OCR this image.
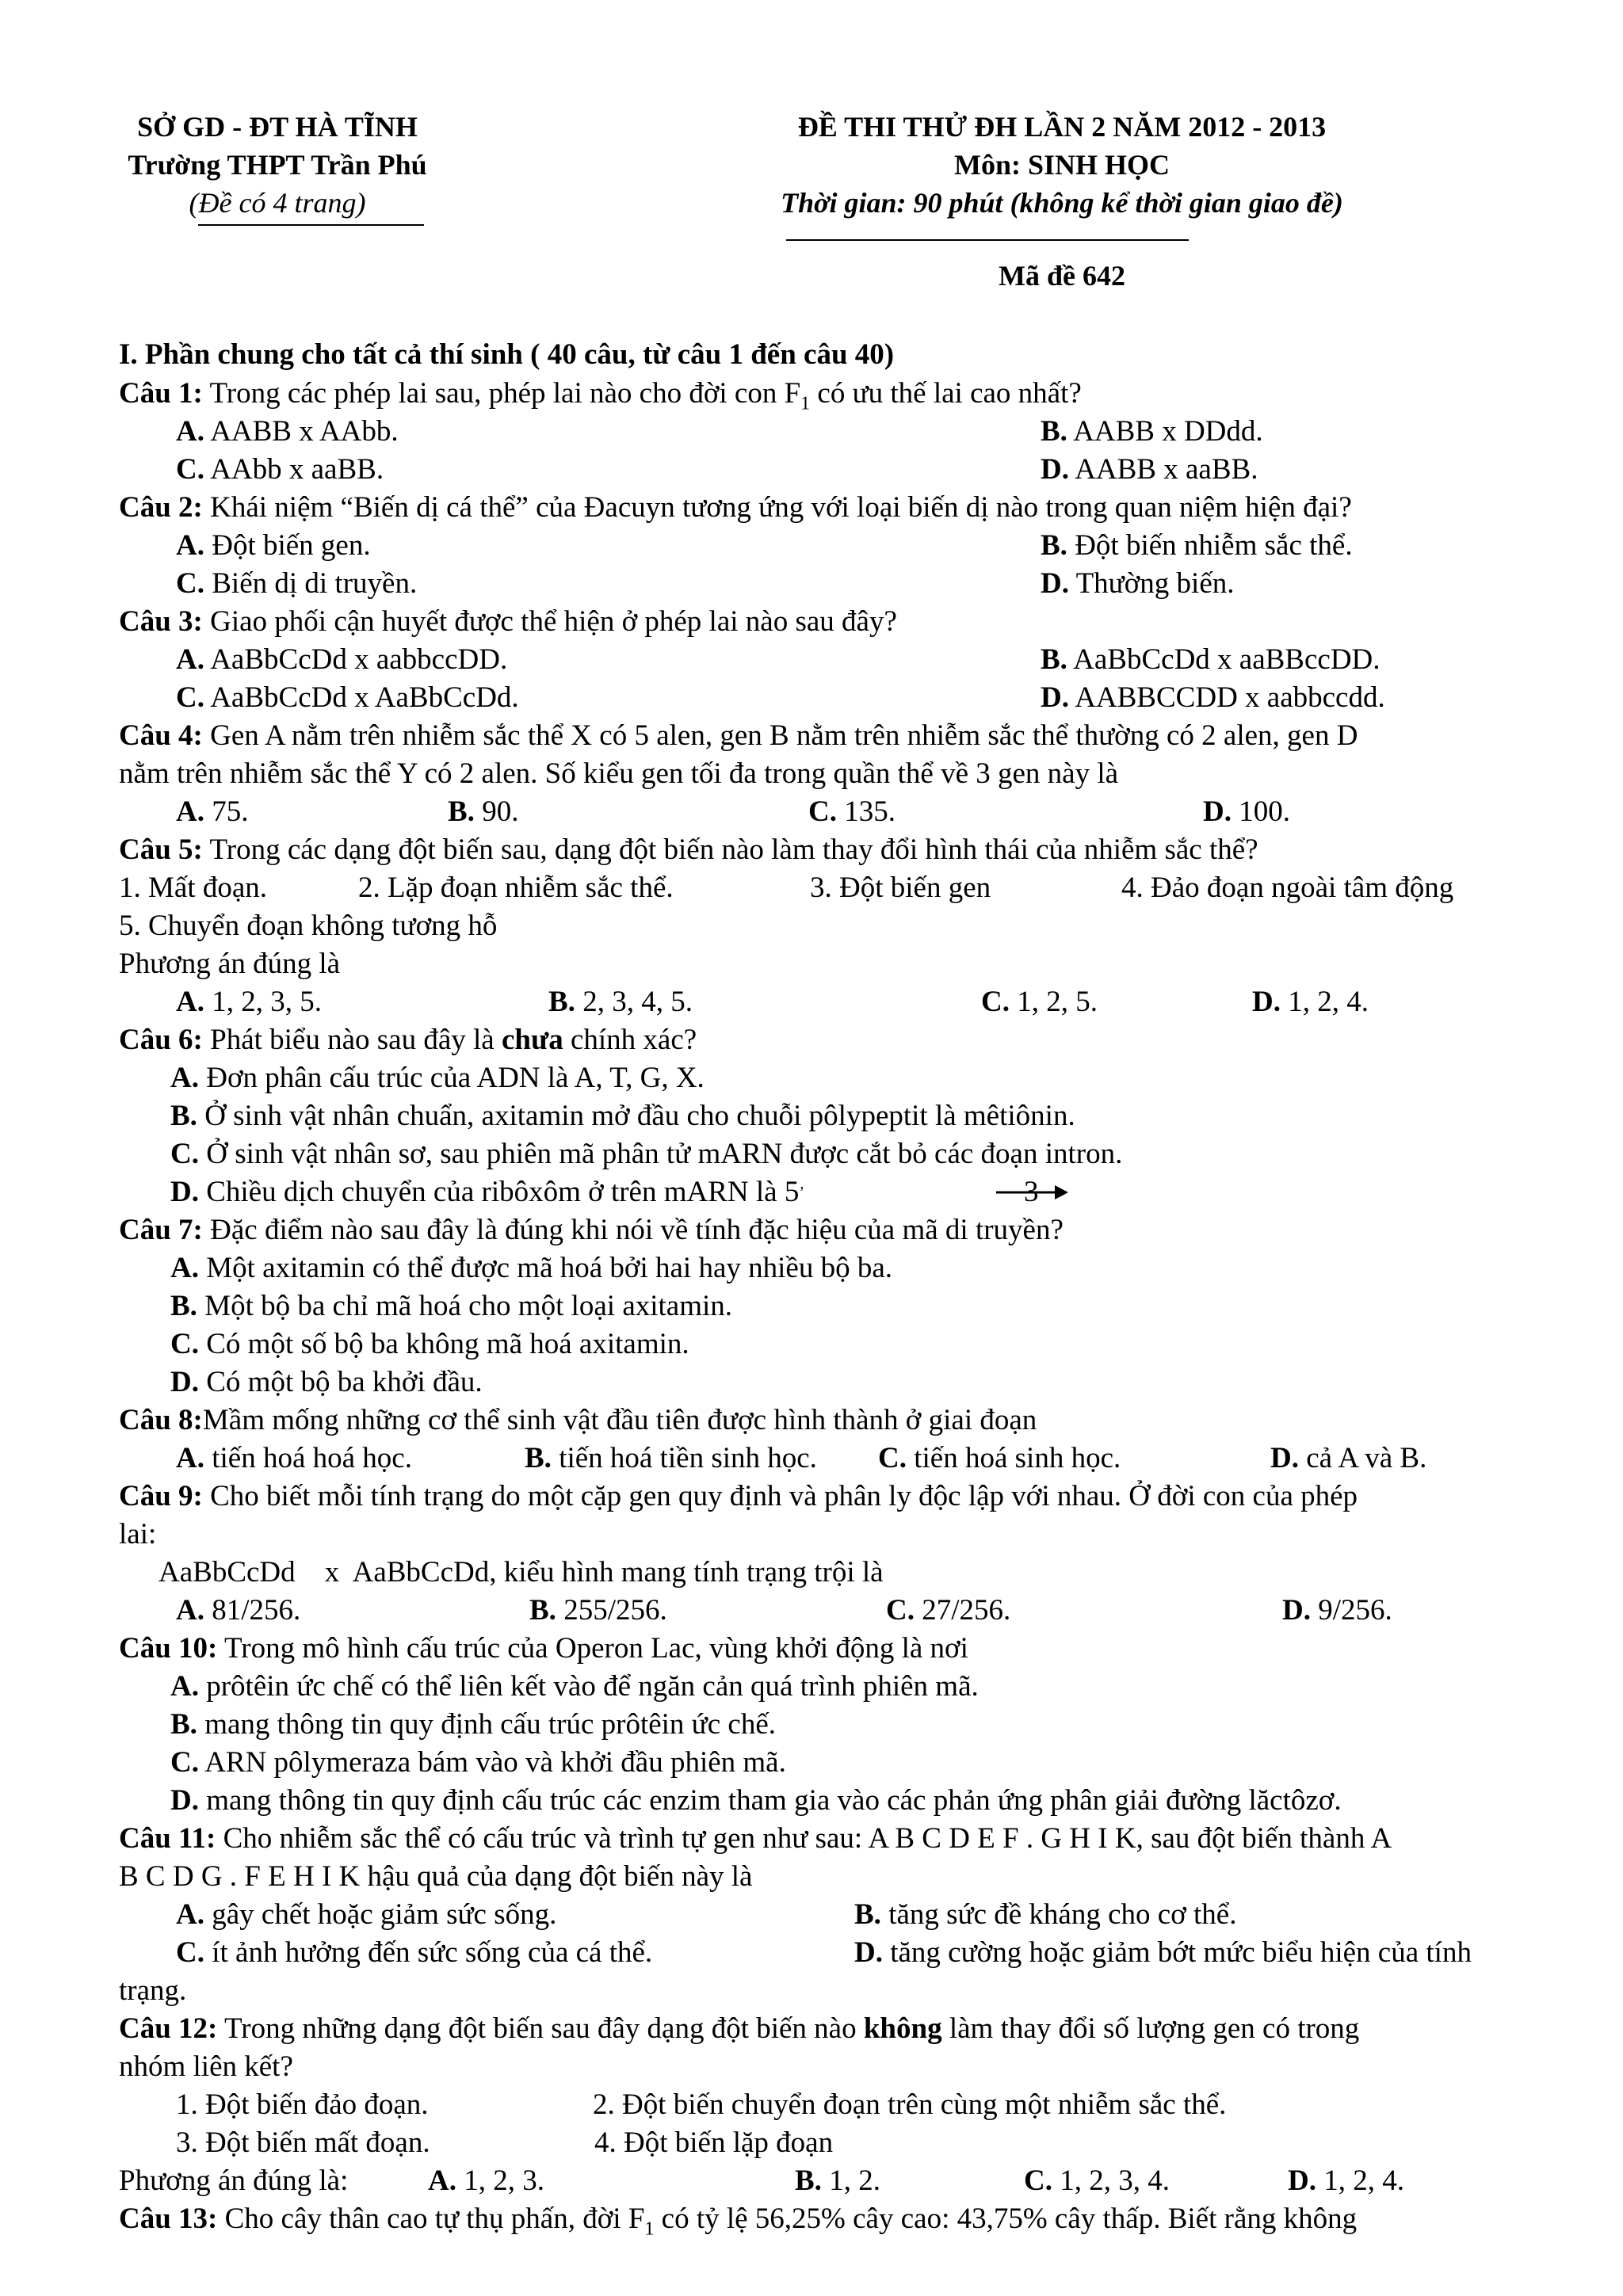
SỞ GD - ĐT HÀ TĨNH
Trường THPT Trần Phú
(Đề có 4 trang)
ĐỀ THI THỬ ĐH LẦN 2 NĂM 2012 - 2013
Môn: SINH HỌC
Thời gian: 90 phút (không kể thời gian giao đề)
Mã đề 642
I. Phần chung cho tất cả thí sinh ( 40 câu, từ câu 1 đến câu 40)
Câu 1: Trong các phép lai sau, phép lai nào cho đời con $F_1$ có ưu thế lai cao nhất?
A. AABB x AAbb.	B. AABB x DDdd.
C. AAbb x aaBB.	D. AABB x aaBB.
Câu 2: Khái niệm “Biến dị cá thể” của Đacuyn tương ứng với loại biến dị nào trong quan niệm hiện đại?
A. Đột biến gen.	B. Đột biến nhiễm sắc thể.
C. Biến dị di truyền.	D. Thường biến.
Câu 3: Giao phối cận huyết được thể hiện ở phép lai nào sau đây?
A. AaBbCcDd x aabbccDD.	B. AaBbCcDd x aaBBccDD.
C. AaBbCcDd x AaBbCcDd.	D. AABBCCDD x aabbccdd.
Câu 4: Gen A nằm trên nhiễm sắc thể X có 5 alen, gen B nằm trên nhiễm sắc thể thường có 2 alen, gen D
nằm trên nhiễm sắc thể Y có 2 alen. Số kiểu gen tối đa trong quần thể về 3 gen này là
A. 75.	B. 90.	C. 135.	D. 100.
Câu 5: Trong các dạng đột biến sau, dạng đột biến nào làm thay đổi hình thái của nhiễm sắc thể?
1. Mất đoạn.	2. Lặp đoạn nhiễm sắc thể.	3. Đột biến gen	4. Đảo đoạn ngoài tâm động
5. Chuyển đoạn không tương hỗ
Phương án đúng là
A. 1, 2, 3, 5.	B. 2, 3, 4, 5.	C. 1, 2, 5.	D. 1, 2, 4.
Câu 6: Phát biểu nào sau đây là chưa chính xác?
A. Đơn phân cấu trúc của ADN là A, T, G, X.
B. Ở sinh vật nhân chuẩn, axitamin mở đầu cho chuỗi pôlypeptit là mêtiônin.
C. Ở sinh vật nhân sơ, sau phiên mã phân tử mARN được cắt bỏ các đoạn intron.
D. Chiều dịch chuyển của ribôxôm ở trên mARN là 5’	3
Câu 7: Đặc điểm nào sau đây là đúng khi nói về tính đặc hiệu của mã di truyền?
A. Một axitamin có thể được mã hoá bởi hai hay nhiều bộ ba.
B. Một bộ ba chỉ mã hoá cho một loại axitamin.
C. Có một số bộ ba không mã hoá axitamin.
D. Có một bộ ba khởi đầu.
Câu 8:Mầm mống những cơ thể sinh vật đầu tiên được hình thành ở giai đoạn
A. tiến hoá hoá học.	B. tiến hoá tiền sinh học. C. tiến hoá sinh học.	D. cả A và B.
Câu 9: Cho biết mỗi tính trạng do một cặp gen quy định và phân ly độc lập với nhau. Ở đời con của phép
lai:
AaBbCcDd    x  AaBbCcDd, kiểu hình mang tính trạng trội là
A. 81/256.	B. 255/256.	C. 27/256.	D. 9/256.
Câu 10: Trong mô hình cấu trúc của Operon Lac, vùng khởi động là nơi
A. prôtêin ức chế có thể liên kết vào để ngăn cản quá trình phiên mã.
B. mang thông tin quy định cấu trúc prôtêin ức chế.
C. ARN pôlymeraza bám vào và khởi đầu phiên mã.
D. mang thông tin quy định cấu trúc các enzim tham gia vào các phản ứng phân giải đường lăctôzơ.
Câu 11: Cho nhiễm sắc thể có cấu trúc và trình tự gen như sau: A B C D E F . G H I K, sau đột biến thành A
B C D G . F E H I K hậu quả của dạng đột biến này là
A. gây chết hoặc giảm sức sống.	B. tăng sức đề kháng cho cơ thể.
C. ít ảnh hưởng đến sức sống của cá thể.	D. tăng cường hoặc giảm bớt mức biểu hiện của tính
trạng.
Câu 12: Trong những dạng đột biến sau đây dạng đột biến nào không làm thay đổi số lượng gen có trong
nhóm liên kết?
1. Đột biến đảo đoạn.	2. Đột biến chuyển đoạn trên cùng một nhiễm sắc thể.
3. Đột biến mất đoạn.	4. Đột biến lặp đoạn
Phương án đúng là:	A. 1, 2, 3.	B. 1, 2.	C. 1, 2, 3, 4.	D. 1, 2, 4.
Câu 13: Cho cây thân cao tự thụ phấn, đời $F_1$ có tỷ lệ 56,25% cây cao: 43,75% cây thấp. Biết rằng không
